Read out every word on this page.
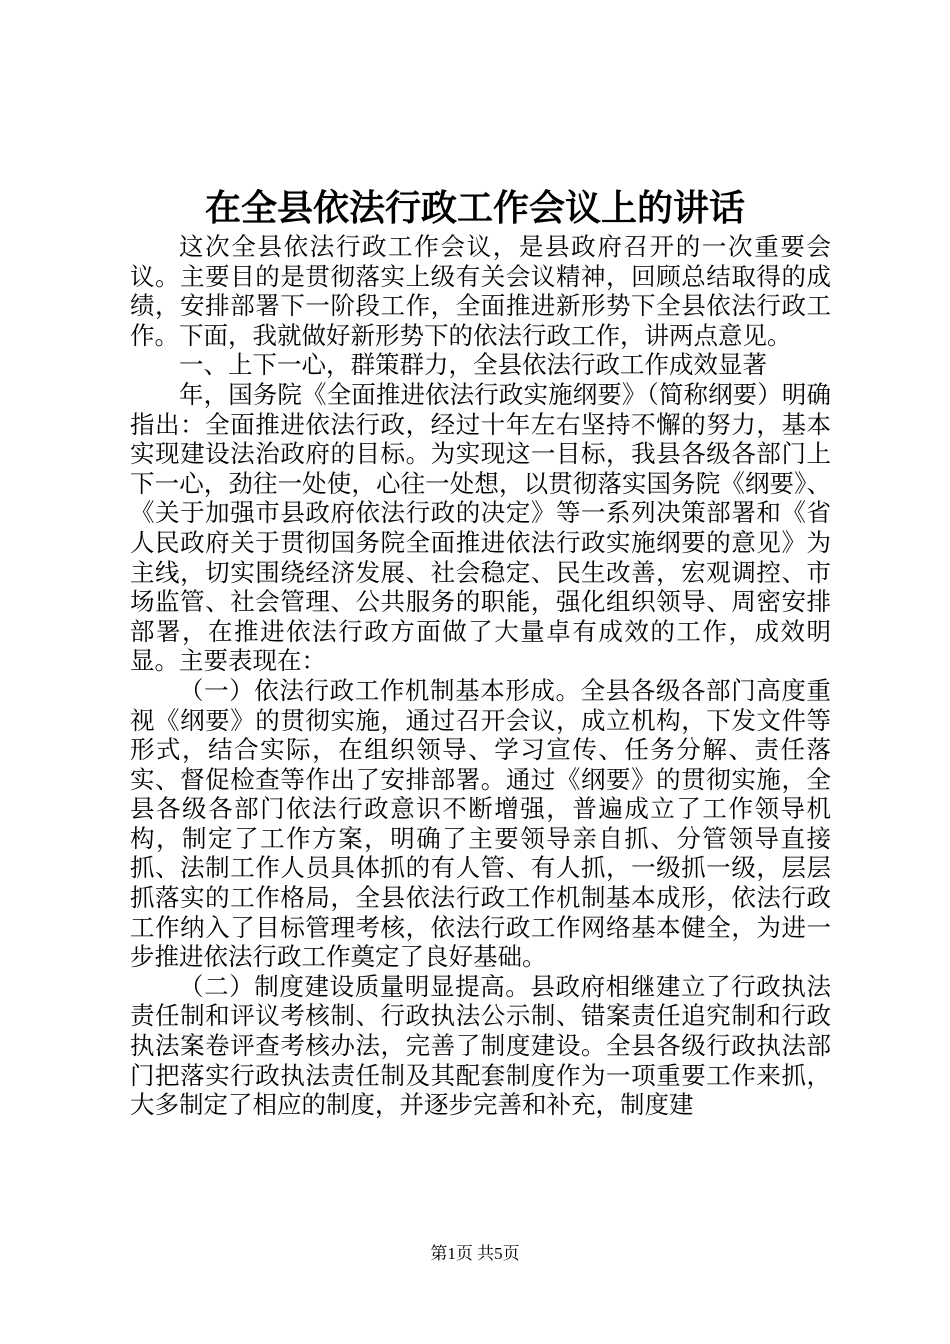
在全县依法行政工作会议上的讲话

这次全县依法行政工作会议，是县政府召开的一次重要会议。主要目的是贯彻落实上级有关会议精神，回顾总结取得的成绩，安排部署下一阶段工作，全面推进新形势下全县依法行政工作。下面，我就做好新形势下的依法行政工作，讲两点意见。

一、上下一心，群策群力，全县依法行政工作成效显著

年，国务院《全面推进依法行政实施纲要》（简称纲要）明确指出：全面推进依法行政，经过十年左右坚持不懈的努力，基本实现建设法治政府的目标。为实现这一目标，我县各级各部门上下一心，劲往一处使，心往一处想，以贯彻落实国务院《纲要》、《关于加强市县政府依法行政的决定》等一系列决策部署和《省人民政府关于贯彻国务院全面推进依法行政实施纲要的意见》为主线，切实围绕经济发展、社会稳定、民生改善，宏观调控、市场监管、社会管理、公共服务的职能，强化组织领导、周密安排部署，在推进依法行政方面做了大量卓有成效的工作，成效明显。主要表现在：

（一）依法行政工作机制基本形成。全县各级各部门高度重视《纲要》的贯彻实施，通过召开会议，成立机构，下发文件等形式，结合实际，在组织领导、学习宣传、任务分解、责任落实、督促检查等作出了安排部署。通过《纲要》的贯彻实施，全县各级各部门依法行政意识不断增强，普遍成立了工作领导机构，制定了工作方案，明确了主要领导亲自抓、分管领导直接抓、法制工作人员具体抓的有人管、有人抓，一级抓一级，层层抓落实的工作格局，全县依法行政工作机制基本成形，依法行政工作纳入了目标管理考核，依法行政工作网络基本健全，为进一步推进依法行政工作奠定了良好基础。

（二）制度建设质量明显提高。县政府相继建立了行政执法责任制和评议考核制、行政执法公示制、错案责任追究制和行政执法案卷评查考核办法，完善了制度建设。全县各级行政执法部门把落实行政执法责任制及其配套制度作为一项重要工作来抓，大多制定了相应的制度，并逐步完善和补充，制度建

第1页 共5页
